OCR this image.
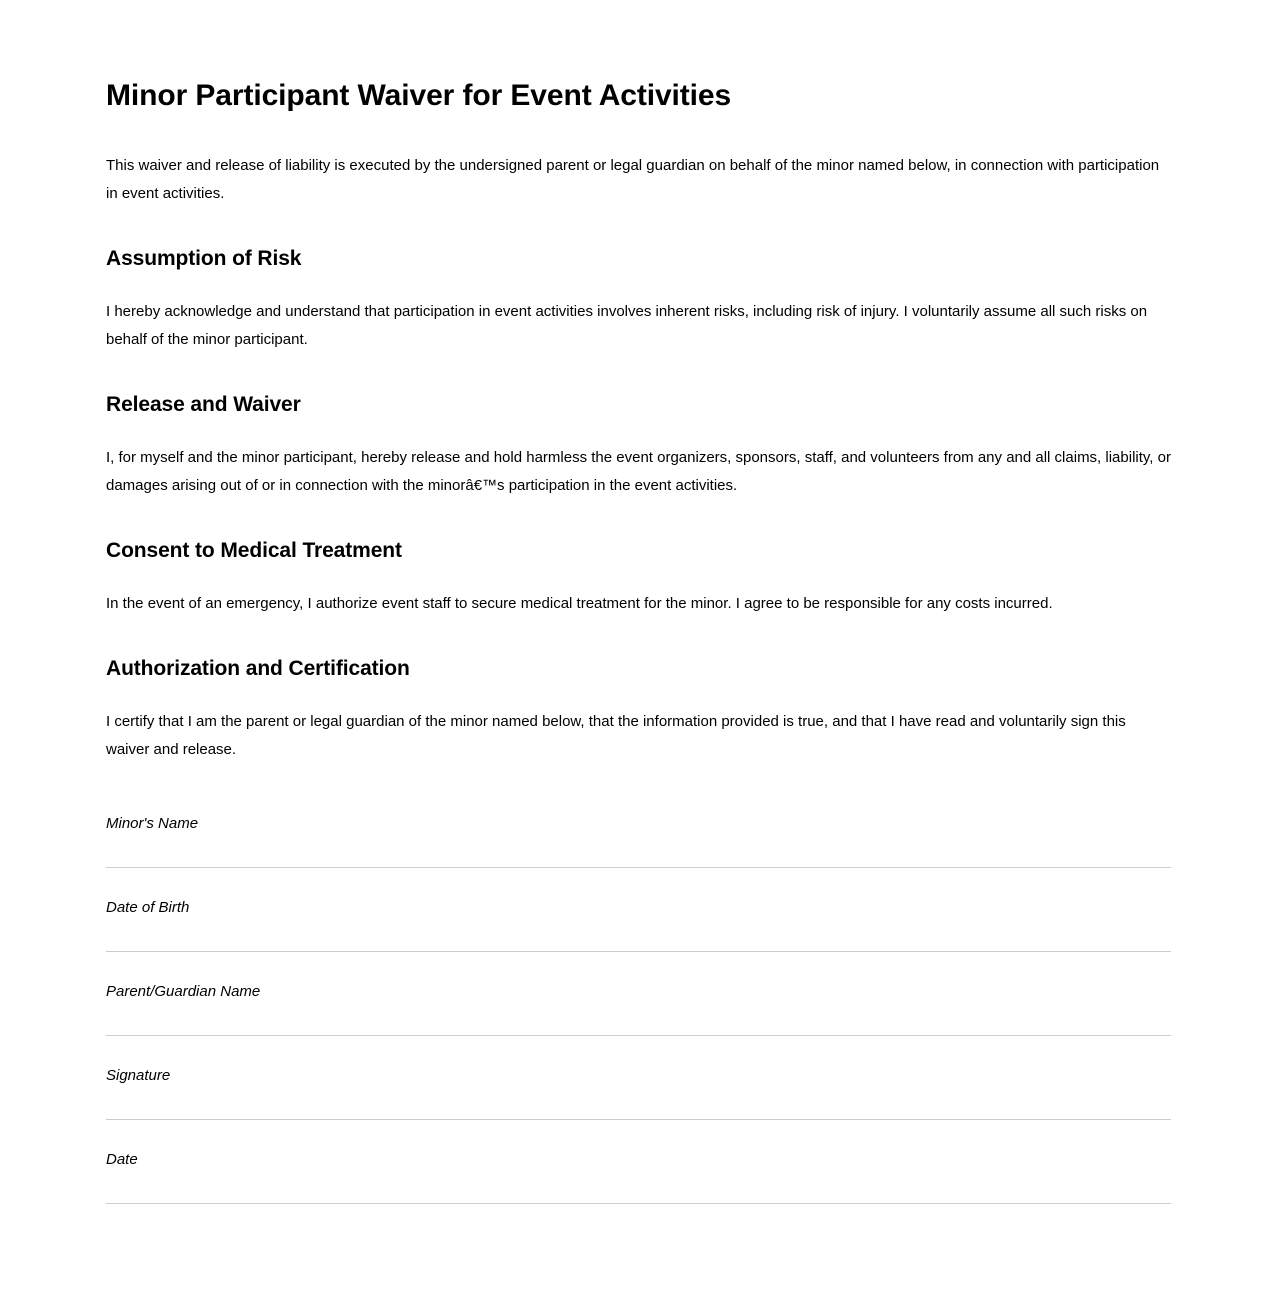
Minor Participant Waiver for Event Activities

This waiver and release of liability is executed by the undersigned parent or legal guardian on behalf of the minor named below, in connection with participation in event activities.

Assumption of Risk

I hereby acknowledge and understand that participation in event activities involves inherent risks, including risk of injury. I voluntarily assume all such risks on behalf of the minor participant.

Release and Waiver

I, for myself and the minor participant, hereby release and hold harmless the event organizers, sponsors, staff, and volunteers from any and all claims, liability, or damages arising out of or in connection with the minorâ€™s participation in the event activities.

Consent to Medical Treatment

In the event of an emergency, I authorize event staff to secure medical treatment for the minor. I agree to be responsible for any costs incurred.

Authorization and Certification

I certify that I am the parent or legal guardian of the minor named below, that the information provided is true, and that I have read and voluntarily sign this waiver and release.

Minor's Name
Date of Birth
Parent/Guardian Name
Signature
Date
